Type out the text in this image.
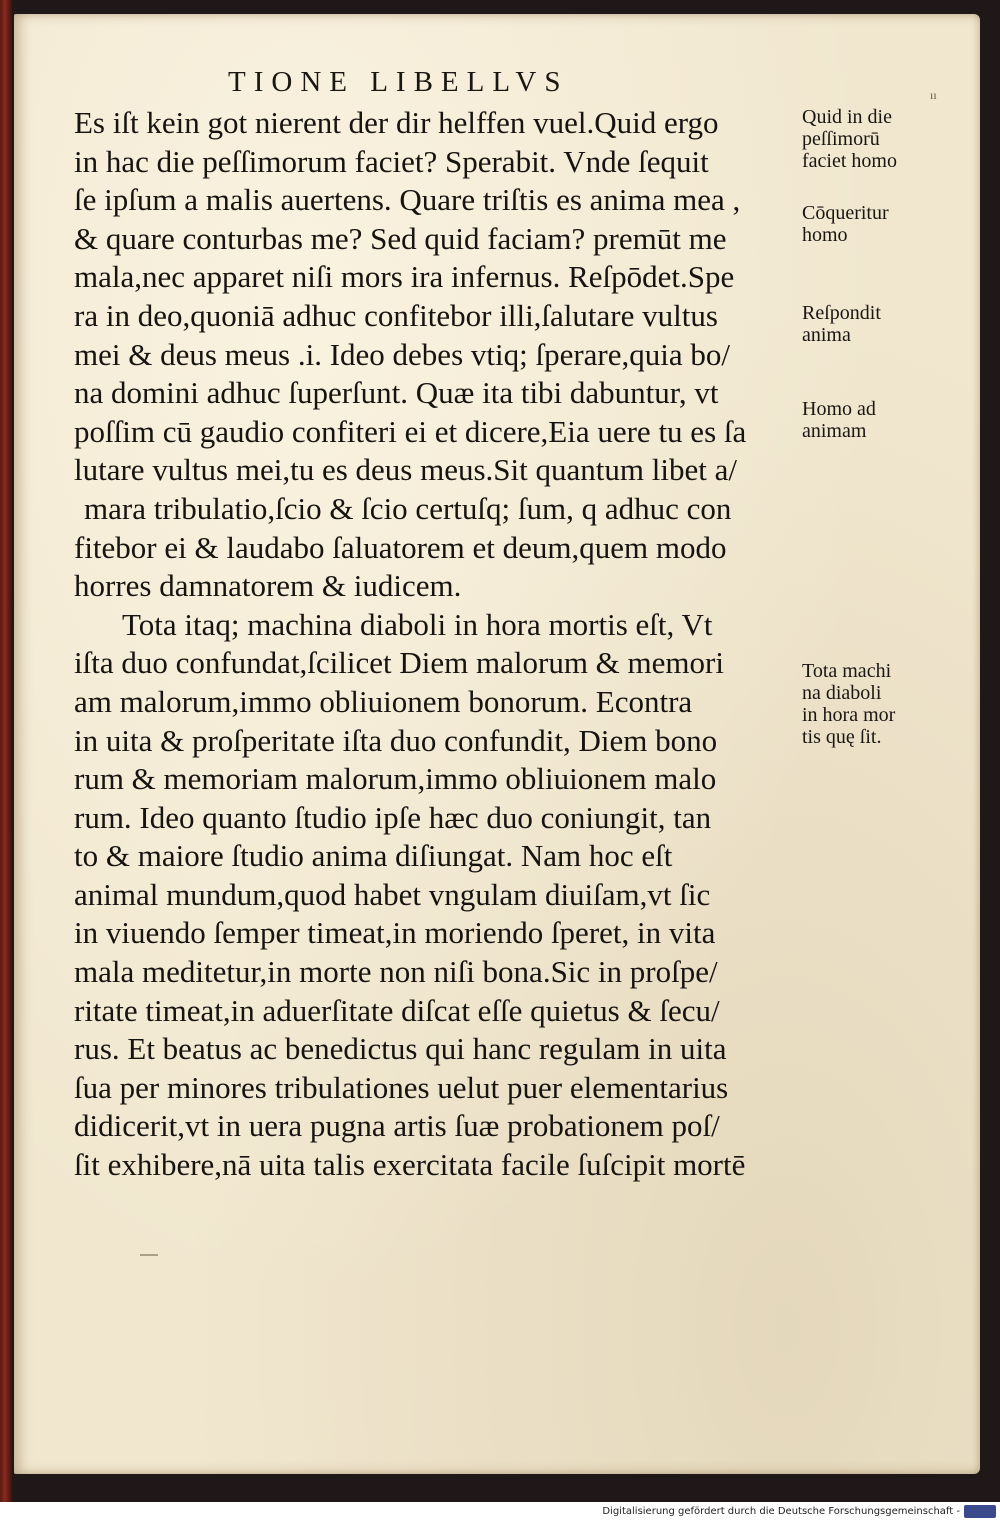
TIONE LIBELLVS	ıı
Es iſt kein got nierent der dir helffen vuel.Quid ergo
in hac die peſſimorum faciet? Sperabit. Vnde ſequit
ſe ipſum a malis auertens. Quare triſtis es anima mea ,
& quare conturbas me? Sed quid faciam? premūt me
mala,nec apparet niſi mors ira infernus. Reſpōdet.Spe
ra in deo,quoniā adhuc confitebor illi,ſalutare vultus
mei & deus meus .i. Ideo debes vtiq; ſperare,quia bo/
na domini adhuc ſuperſunt. Quæ ita tibi dabuntur, vt
poſſim cū gaudio confiteri ei et dicere,Eia uere tu es ſa
lutare vultus mei,tu es deus meus.Sit quantum libet a/
mara tribulatio,ſcio & ſcio certuſq; ſum, q adhuc con
fitebor ei & laudabo ſaluatorem et deum,quem modo
horres damnatorem & iudicem.
Tota itaq; machina diaboli in hora mortis eſt, Vt
iſta duo confundat,ſcilicet Diem malorum & memori
am malorum,immo obliuionem bonorum. Econtra
in uita & proſperitate iſta duo confundit, Diem bono
rum & memoriam malorum,immo obliuionem malo
rum. Ideo quanto ſtudio ipſe hæc duo coniungit, tan
to & maiore ſtudio anima diſiungat. Nam hoc eſt
animal mundum,quod habet vngulam diuiſam,vt ſic
in viuendo ſemper timeat,in moriendo ſperet, in vita
mala meditetur,in morte non niſi bona.Sic in proſpe/
ritate timeat,in aduerſitate diſcat eſſe quietus & ſecu/
rus. Et beatus ac benedictus qui hanc regulam in uita
ſua per minores tribulationes uelut puer elementarius
didicerit,vt in uera pugna artis ſuæ probationem poſ/
ſit exhibere,nā uita talis exercitata facile ſuſcipit mortē
Quid in die
peſſimorū
faciet homo
Cōqueritur
homo
Reſpondit
anima
Homo ad
animam
Tota machi
na diaboli
in hora mor
tis quę ſit.
Digitalisierung gefördert durch die Deutsche Forschungsgemeinschaft -
